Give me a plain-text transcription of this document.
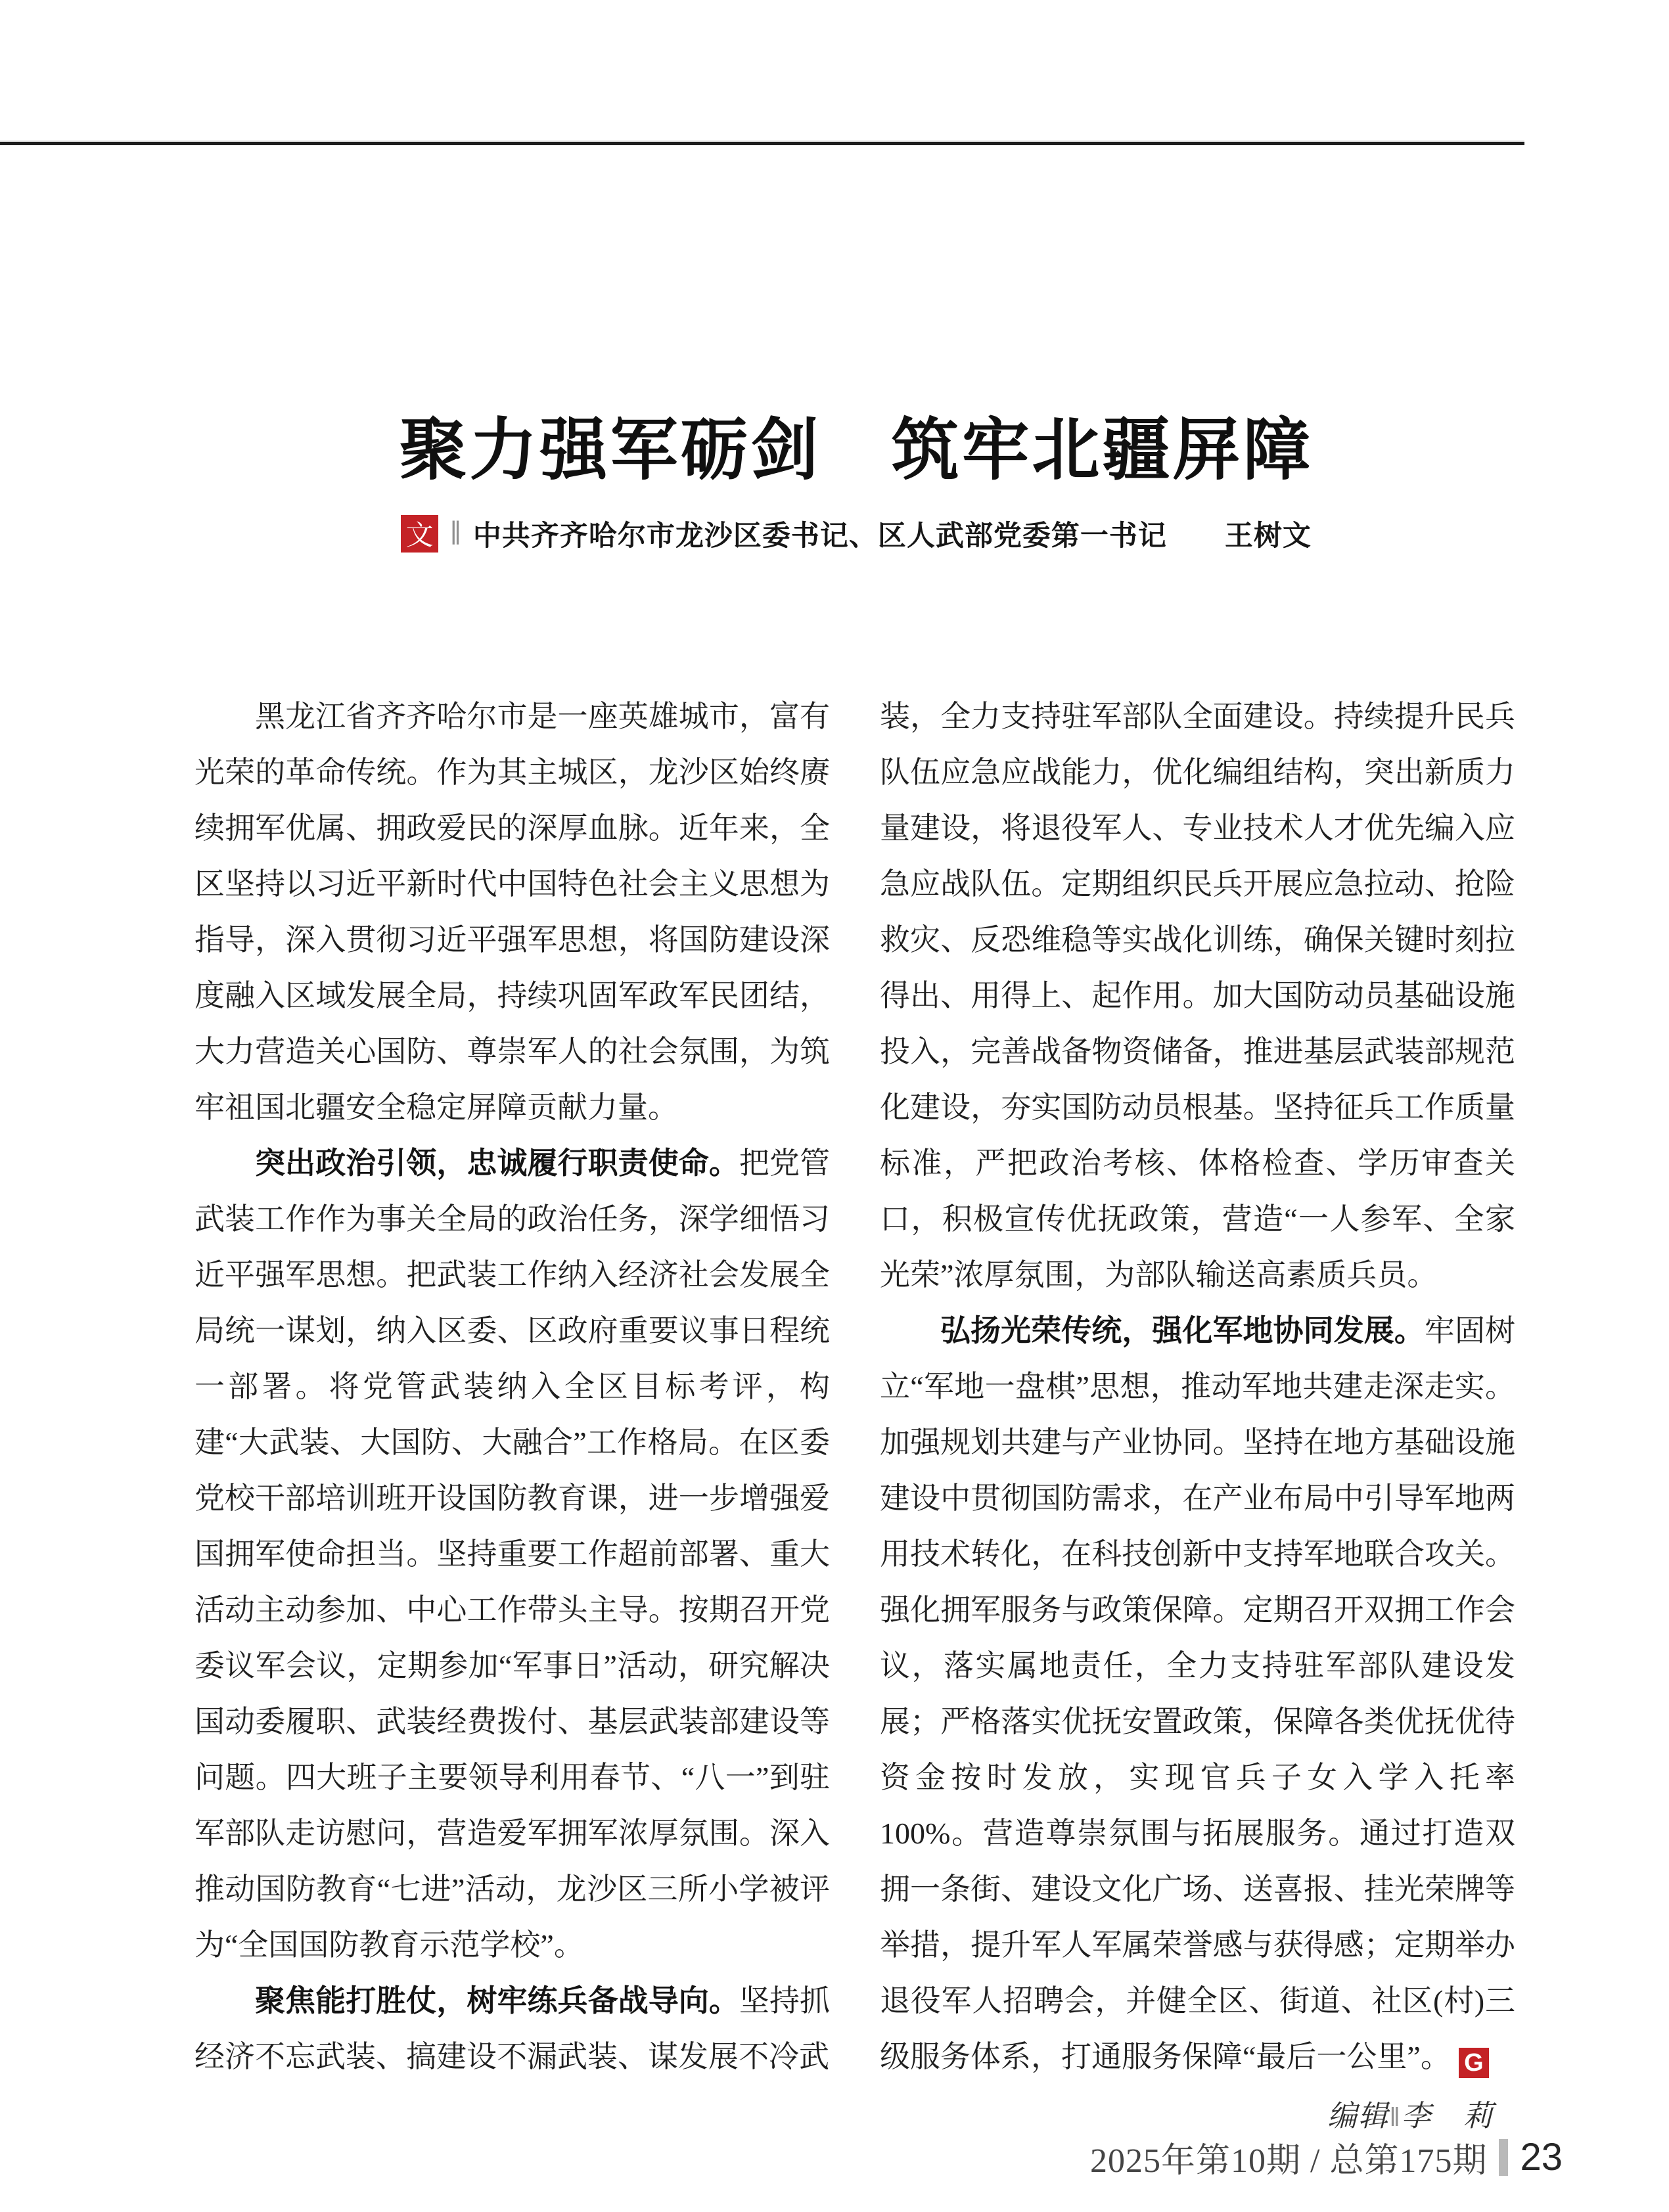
聚力强军砺剑　筑牢北疆屏障
文 ‖ 中共齐齐哈尔市龙沙区委书记、区人武部党委第一书记　　王树文

黑龙江省齐齐哈尔市是一座英雄城市，富有光荣的革命传统。作为其主城区，龙沙区始终赓续拥军优属、拥政爱民的深厚血脉。近年来，全区坚持以习近平新时代中国特色社会主义思想为指导，深入贯彻习近平强军思想，将国防建设深度融入区域发展全局，持续巩固军政军民团结，大力营造关心国防、尊崇军人的社会氛围，为筑牢祖国北疆安全稳定屏障贡献力量。

突出政治引领，忠诚履行职责使命。把党管武装工作作为事关全局的政治任务，深学细悟习近平强军思想。把武装工作纳入经济社会发展全局统一谋划，纳入区委、区政府重要议事日程统一部署。将党管武装纳入全区目标考评，构建“大武装、大国防、大融合”工作格局。在区委党校干部培训班开设国防教育课，进一步增强爱国拥军使命担当。坚持重要工作超前部署、重大活动主动参加、中心工作带头主导。按期召开党委议军会议，定期参加“军事日”活动，研究解决国动委履职、武装经费拨付、基层武装部建设等问题。四大班子主要领导利用春节、“八一”到驻军部队走访慰问，营造爱军拥军浓厚氛围。深入推动国防教育“七进”活动，龙沙区三所小学被评为“全国国防教育示范学校”。

聚焦能打胜仗，树牢练兵备战导向。坚持抓经济不忘武装、搞建设不漏武装、谋发展不冷武

装，全力支持驻军部队全面建设。持续提升民兵队伍应急应战能力，优化编组结构，突出新质力量建设，将退役军人、专业技术人才优先编入应急应战队伍。定期组织民兵开展应急拉动、抢险救灾、反恐维稳等实战化训练，确保关键时刻拉得出、用得上、起作用。加大国防动员基础设施投入，完善战备物资储备，推进基层武装部规范化建设，夯实国防动员根基。坚持征兵工作质量标准，严把政治考核、体格检查、学历审查关口，积极宣传优抚政策，营造“一人参军、全家光荣”浓厚氛围，为部队输送高素质兵员。

弘扬光荣传统，强化军地协同发展。牢固树立“军地一盘棋”思想，推动军地共建走深走实。加强规划共建与产业协同。坚持在地方基础设施建设中贯彻国防需求，在产业布局中引导军地两用技术转化，在科技创新中支持军地联合攻关。强化拥军服务与政策保障。定期召开双拥工作会议，落实属地责任，全力支持驻军部队建设发展；严格落实优抚安置政策，保障各类优抚优待资金按时发放，实现官兵子女入学入托率100%。营造尊崇氛围与拓展服务。通过打造双拥一条街、建设文化广场、送喜报、挂光荣牌等举措，提升军人军属荣誉感与获得感；定期举办退役军人招聘会，并健全区、街道、社区(村)三级服务体系，打通服务保障“最后一公里”。 G

编辑‖李　莉
2025年第10期 / 总第175期 23
